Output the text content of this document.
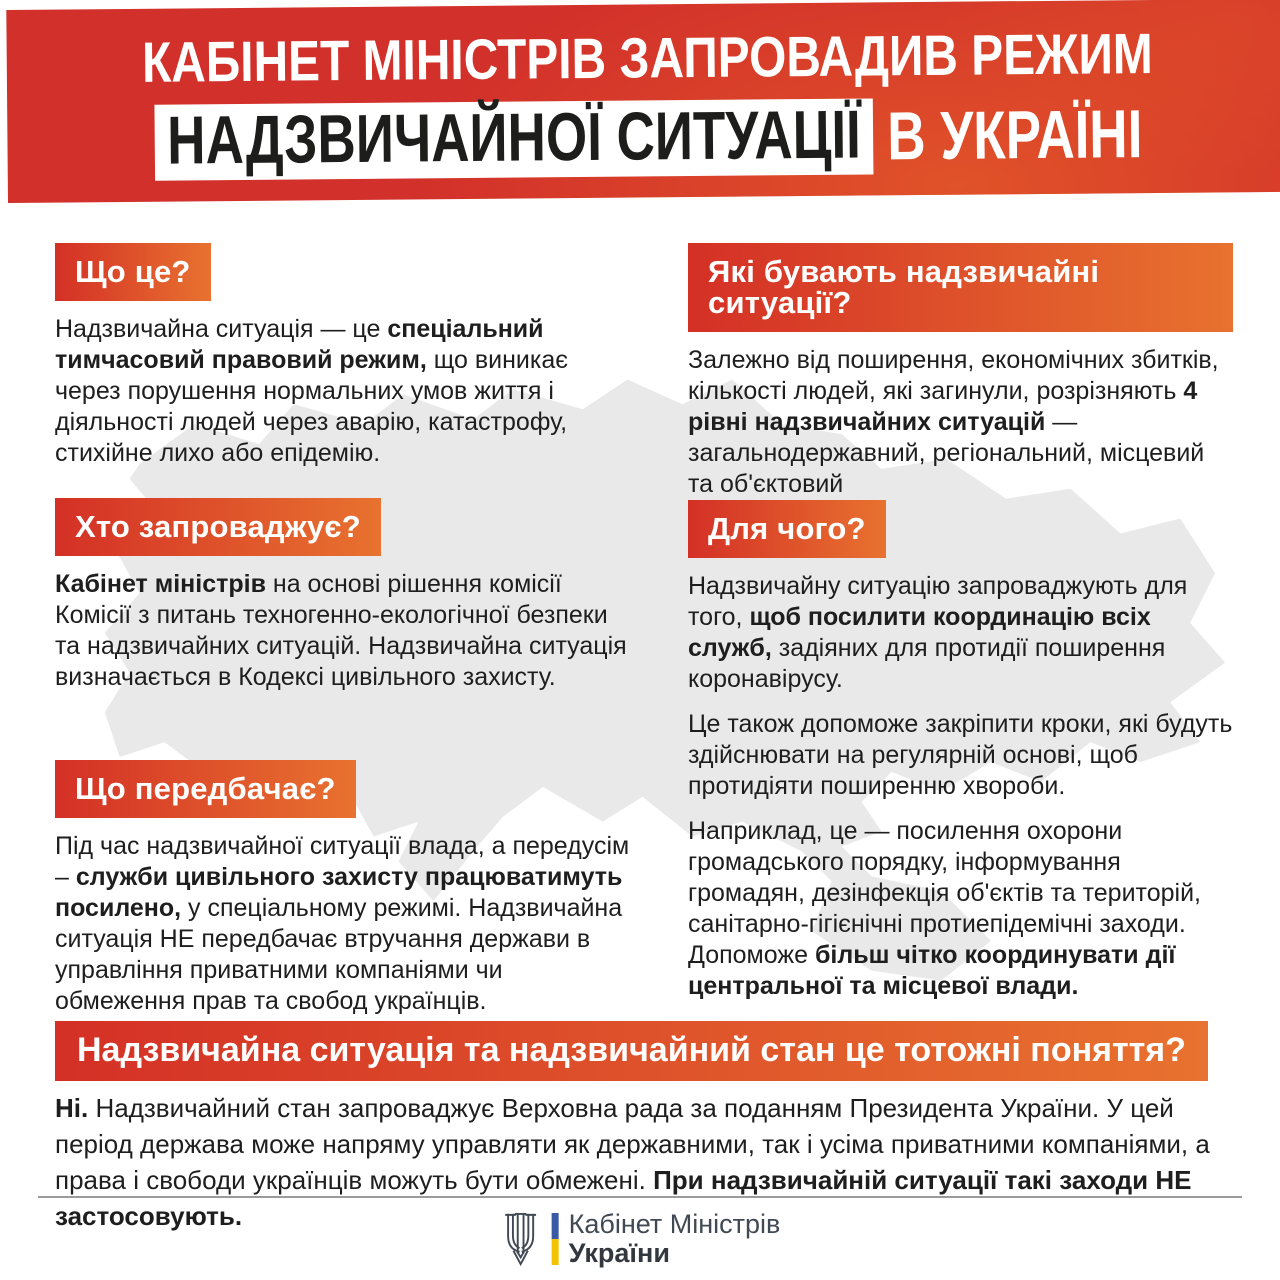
КАБІНЕТ МІНІСТРІВ ЗАПРОВАДИВ РЕЖИМ
НАДЗВИЧАЙНОЇ СИТУАЦІЇ В УКРАЇНІ
Що це?

Надзвичайна ситуація — це спеціальний тимчасовий правовий режим, що виникає через порушення нормальних умов життя і діяльності людей через аварію, катастрофу, стихійне лихо або епідемію.

Хто запроваджує?

Кабінет міністрів на основі рішення комісії Комісії з питань техногенно-екологічної безпеки та надзвичайних ситуацій. Надзвичайна ситуація визначається в Кодексі цивільного захисту.

Що передбачає?

Під час надзвичайної ситуації влада, а передусім – служби цивільного захисту працюватимуть посилено, у спеціальному режимі. Надзвичайна ситуація НЕ передбачає втручання держави в управління приватними компаніями чи обмеження прав та свобод українців.

Які бувають надзвичайні ситуації?

Залежно від поширення, економічних збитків, кількості людей, які загинули, розрізняють 4 рівні надзвичайних ситуацій — загальнодержавний, регіональний, місцевий та об'єктовий

Для чого?

Надзвичайну ситуацію запроваджують для того, щоб посилити координацію всіх служб, задіяних для протидії поширення коронавірусу.

Це також допоможе закріпити кроки, які будуть здійснювати на регулярній основі, щоб протидіяти поширенню хвороби.

Наприклад, це — посилення охорони громадського порядку, інформування громадян, дезінфекція об'єктів та територій, санітарно-гігієнічні протиепідемічні заходи. Допоможе більш чітко координувати дії центральної та місцевої влади.

Надзвичайна ситуація та надзвичайний стан це тотожні поняття?

Ні. Надзвичайний стан запроваджує Верховна рада за поданням Президента України. У цей період держава може напряму управляти як державними, так і усіма приватними компаніями, а права і свободи українців можуть бути обмежені. При надзвичайній ситуації такі заходи НЕ застосовують.	Кабінет Міністрів
України
